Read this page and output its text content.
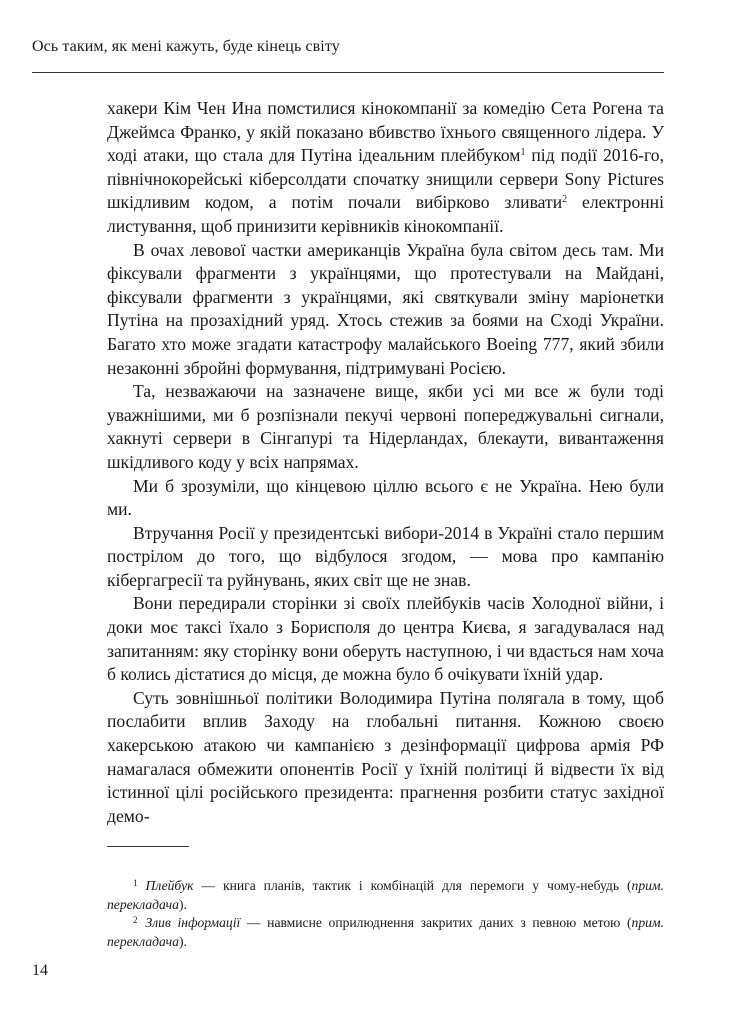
Ось таким, як мені кажуть, буде кінець світу

хакери Кім Чен Ина помстилися кінокомпанії за комедію Сета Рогена та Джеймса Франко, у якій показано вбивство їхнього священного лідера. У ході атаки, що стала для Путіна ідеальним плейбуком$^1$ під події 2016-го, північнокорейські кіберсолдати спочатку знищили сервери Sony Pictures шкідливим кодом, а потім почали вибірково зливати$^2$ електронні листування, щоб принизити керівників кінокомпанії.

В очах левової частки американців Україна була світом десь там. Ми фіксували фрагменти з українцями, що протестували на Майдані, фіксували фрагменти з українцями, які святкували зміну маріонетки Путіна на прозахідний уряд. Хтось стежив за боями на Сході України. Багато хто може згадати катастрофу малайського Boeing 777, який збили незаконні збройні формування, підтримувані Росією.

Та, незважаючи на зазначене вище, якби усі ми все ж були тоді уважнішими, ми б розпізнали пекучі червоні попереджувальні сигнали, хакнуті сервери в Сінгапурі та Нідерландах, блекаути, вивантаження шкідливого коду у всіх напрямах.

Ми б зрозуміли, що кінцевою ціллю всього є не Україна. Нею були ми.

Втручання Росії у президентські вибори-2014 в Україні стало першим пострілом до того, що відбулося згодом, — мова про кампанію кібергагресії та руйнувань, яких світ ще не знав.

Вони передирали сторінки зі своїх плейбуків часів Холодної війни, і доки моє таксі їхало з Борисполя до центра Києва, я загадувалася над запитанням: яку сторінку вони оберуть наступною, і чи вдасться нам хоча б колись дістатися до місця, де можна було б очікувати їхній удар.

Суть зовнішньої політики Володимира Путіна полягала в тому, щоб послабити вплив Заходу на глобальні питання. Кожною своєю хакерською атакою чи кампанією з дезінформації цифрова армія РФ намагалася обмежити опонентів Росії у їхній політиці й відвести їх від істинної цілі російського президента: прагнення розбити статус західної демо-

$^1$ Плейбук — книга планів, тактик і комбінацій для перемоги у чому-небудь (прим. перекладача).

$^2$ Злив інформації — навмисне оприлюднення закритих даних з певною метою (прим. перекладача).

14
